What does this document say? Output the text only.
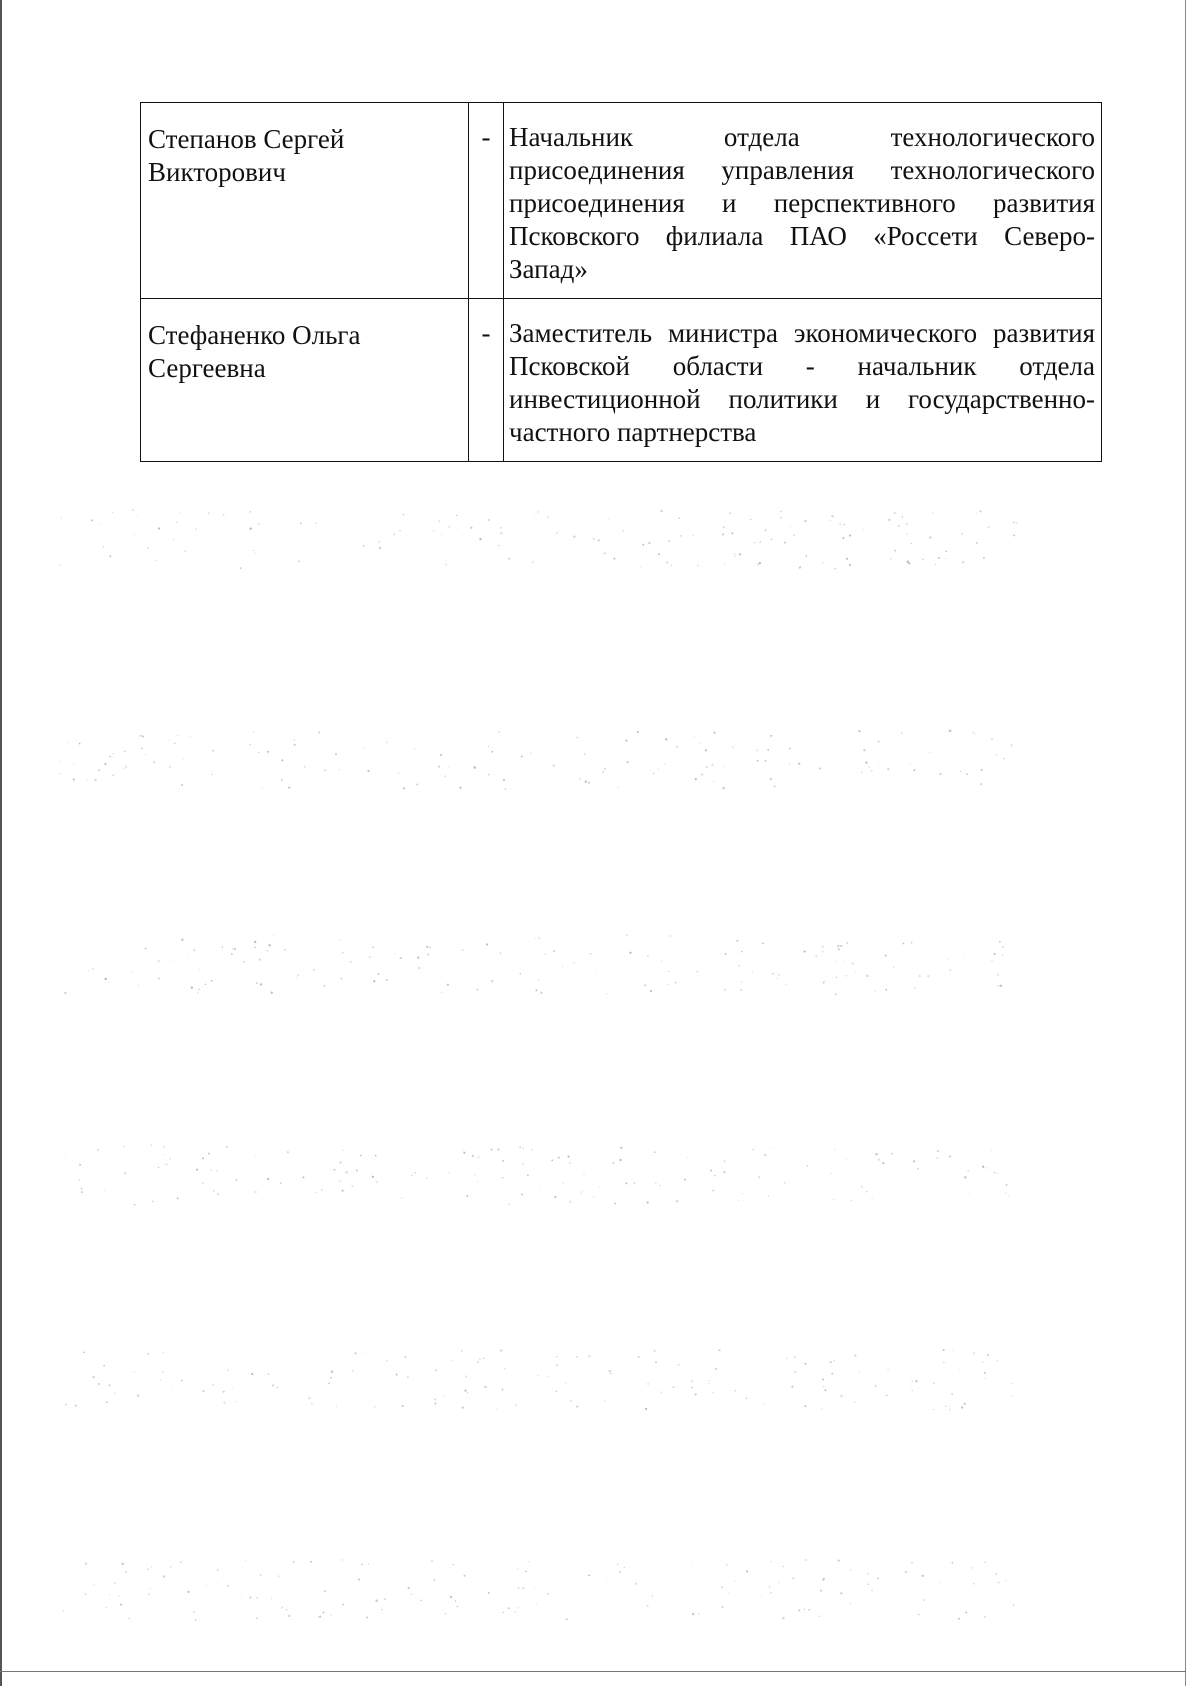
Степанов Сергей Викторович	-	Начальник отдела технологического присоединения управления технологического присоединения и перспективного развития Псковского филиала ПАО «Россети Северо-Запад»
Стефаненко Ольга Сергеевна	-	Заместитель министра экономического развития Псковской области - начальник отдела инвестиционной политики и государственно-частного партнерства
